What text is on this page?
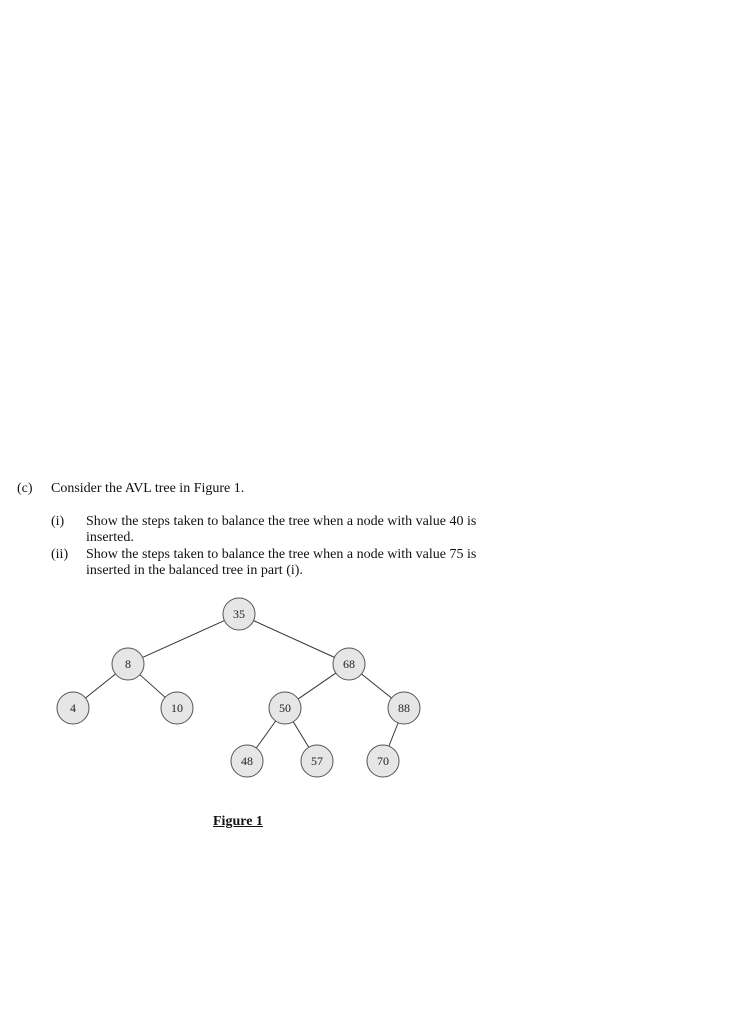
(c) Consider the AVL tree in Figure 1.
(i) Show the steps taken to balance the tree when a node with value 40 is inserted.
(ii) Show the steps taken to balance the tree when a node with value 75 is inserted in the balanced tree in part (i).
35
8	68
4	10	50	88
48	57	70
Figure 1
